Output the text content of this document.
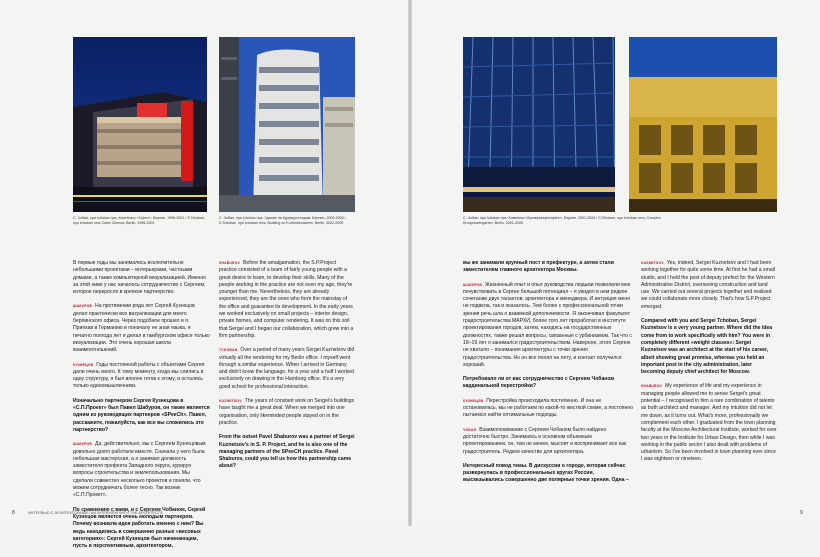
С. Чобан, при Ichoban nps, Кинотеатр «Cybex», Берлин, 1996-2001 / S.Tchoban, npu tchoban nrxs Cubix Cinema, Berlin, 1996-2001
С. Чобан, при Ichoban nps, Здание на Курфюрстендам, Берлин, 2002-2005 / S.Tchoban, npu tchoban nrxs, Building on Kurfürstendamm, Berlin, 2002-2005
С. Чобан, при Ichoban nps, Комплекс «Кронпринценгарten», Берлин, 2001-2005 / S.Tchoban, npu tchoban nrxs, Complex Kronprinzengarten, Berlin, 2001-2005

В первые годы мы занимались исключительно небольшими проектами – интерьерами, частными домами, а также компьютерной визуализацией. Именно за этой ниве у нас началось сотрудничество с Сергеем, которое переросло в крепкое партнерство.

ШАБУРОВ На протяжении ряда лет Сергей Кузнецов делал практически все визуализации для моего берлинского офиса. Через подобное прошел и я. Приехав в Германию и поначалу не зная языка, я печатно полгода лет я делал в гамбургском офисе только визуализации. Это очень хорошая школа взаимоотношений.

КУЗНЕЦОВ Годы постоянной работы с объектами Сергея дали очень много. К тому моменту, когда мы слились в одну структуру, я был вполне готов к этому, и остались только единомышленники.

Изначально партнером Сергея Кузнецова в «С.П.Проект» был Павел Шабуров, он также является одним из руководящих партнеров «SPeeCh». Павел, расскажите, пожалуйста, как все вы сложились это партнерство?

ШАБУРОВ Да, действительно, мы с Сергеем Кузнецовым довольно долго работали вместе. Сначала у него была небольшая мастерская, а я занимал должность заместителя префекта Западного округа, курируя вопросы строительства и землепользования. Мы сделали совместно несколько проектов и поняли, что можем сотрудничать более тесно. Так возник «С.П.Проект».

По сравнению с вами, и с Сергеем Чобаном, Сергей Кузнецов является очень молодым партнером. Почему возникла идея работать именно с ним? Вы ведь находились в совершенно разных «весовых категориях»: Сергей Кузнецов был начинающим, пусть и перспективным, архитектором,

SHABUROV Before the amalgamation, the S.P.Project practice consisted of a team of fairly young people with a great desire to learn, to develop their skills. Many of the people working in the practice are not even my age, they're younger than me. Nevertheless, they are already experienced, they are the ones who form the mainstay of the office and guarantee its development. In the early years we worked exclusively on small projects – interior design, private homes, and computer rendering. It was on this soil that Sergei and I began our collaboration, which grew into a firm partnership.

TCHOBAN Over a period of many years Sergei Kuznetsov did virtually all the rendering for my Berlin office. I myself went through a similar experience. When I arrived in Germany and didn't know the language, for a year and a half I worked exclusively on drawing in the Hamburg office. It's a very good school for professional interaction.

KUZNETSOV The years of constant work on Sergei's buildings have taught me a great deal. When we merged into one organisation, only likeminded people stayed on in the practice.

From the outset Pavel Shaburov was a partner of Sergei Kuznetsov's in S. P. Project, and he is also one of the managing partners of the SPeeCH practice. Pavel Shaburov, could you tell us how this partnership came about?

вы же занимали крупный пост в префектуре, а затем стали заместителем главного архитектора Москвы.

ШАБУРОВ Жизненный опыт и опыт руководства людьми позволили мне почувствовать в Сергее большой потенциал – я увидел в нем редкое сочетание двух талантов: архитектора и менеджера. И интуиция меня не подвела, так и оказалось. Тем более с профессиональной точки зрения речь шла о взаимной дополняемости. Я закончивал факультет градостроительства МАРХИ, более того лет проработал в институте проектирования городов, затем, находясь на государственных должностях, также решал вопросы, связанные с урбанизмом. Так что с 18–19 лет я занимался градостроительством. Наверное, этого Сергею не хватало – понимания архитектуры с точки зрения градостроительства. Но он все понял на лету, и контакт получился хороший.

Потребовало ли от вас сотрудничество с Сергеем Чобаном кардинальной перестройки?

КУЗНЕЦОВ Перестройка происходила постепенно. И она не остановилась, мы не работаем по какой-то жесткой схеме, а постоянно пытаемся найти оптимальные подходы.

ЧОБАН Взаимопонимание с Сергеем Чобаном было найдено достаточно быстро. Занимаясь в основном объемным проектированием, он, тем не менее, мыслит и воспринимает все как градостроитель. Редкое качество для архитектора.

Интересный повод темы. В дискуссии о городе, которая сейчас развернулась в профессиональных кругах России, высказывались совершенно две полярные точки зрения. Одна –

KUZNETSOV Yes, indeed, Sergei Kuznetsov and I had been working together for quite some time. At first he had a small studio, and I held the post of deputy prefect for the Western Administrative District, overseeing construction and land use. We carried out several projects together and realised we could collaborate more closely. That's how S.P.Project emerged.

Compared with you and Sergei Tchoban, Sergei Kuznetsov is a very young partner. Where did the idea come from to work specifically with him? You were in completely different «weight classes»: Sergei Kuznetsov was an architect at the start of his career, albeit showing great promise, whereas you held an important post in the city administration, later becoming deputy chief architect for Moscow.

SHABUROV My experience of life and my experience in managing people allowed me to sense Sergei's great potential – I recognised in him a rare combination of talents as both architect and manager. And my intuition did not let me down, as it turns out. What's more, professionally we complement each other. I graduated from the town planning faculty at the Moscow Architectural Institute, worked for over two years in the Institute for Urban Design, then while I was working in the public sector I also dealt with problems of urbanism. So I've been involved in town planning ever since I was eighteen or nineteen.

8	ИНТЕРВЬЮ С АРХИТЕКТОРАМИ / AN INTERVIEW WITH THE ARCHITECTS	9
